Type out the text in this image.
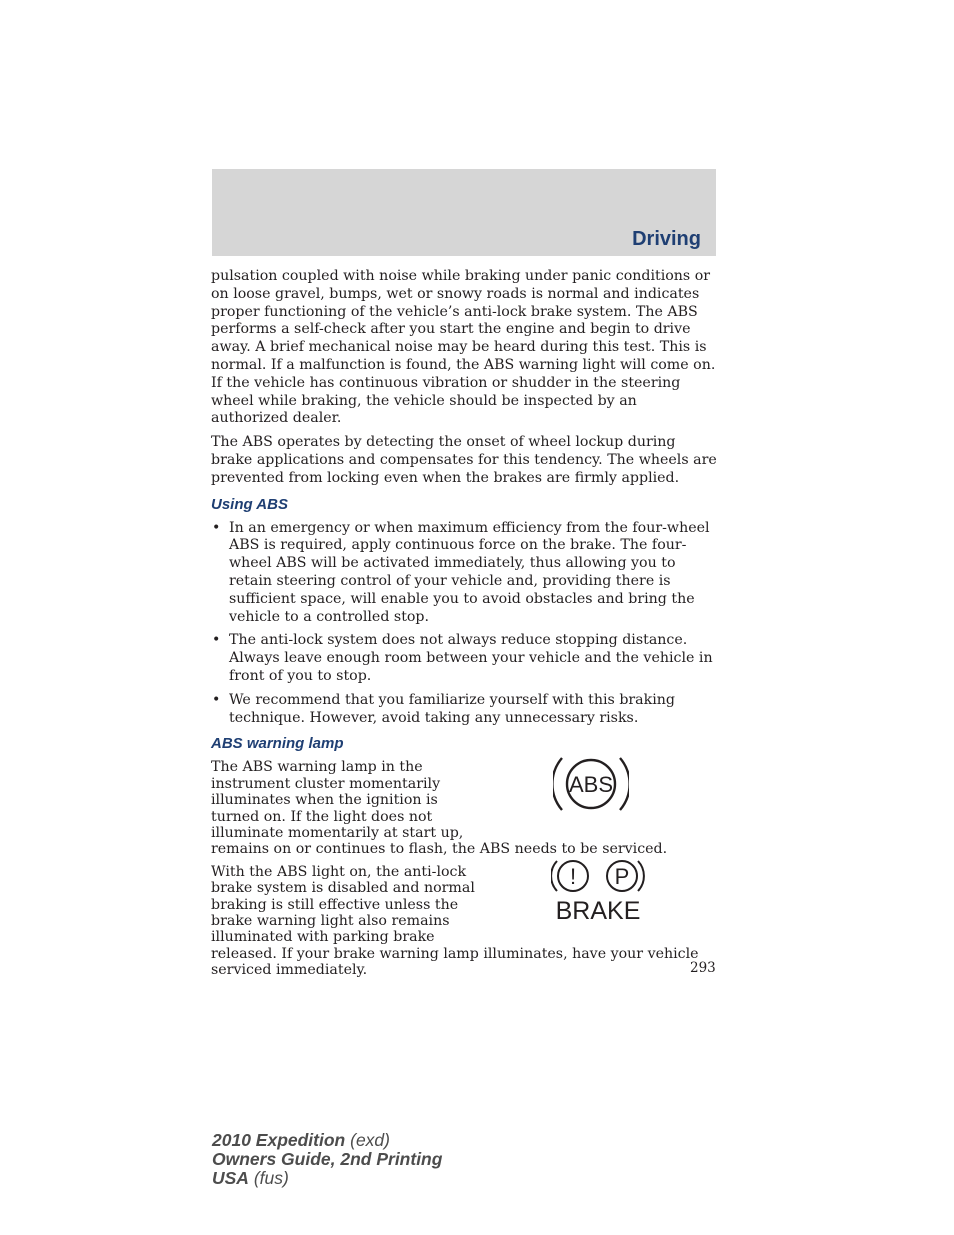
Driving

pulsation coupled with noise while braking under panic conditions or on loose gravel, bumps, wet or snowy roads is normal and indicates proper functioning of the vehicle’s anti-lock brake system. The ABS performs a self-check after you start the engine and begin to drive away. A brief mechanical noise may be heard during this test. This is normal. If a malfunction is found, the ABS warning light will come on. If the vehicle has continuous vibration or shudder in the steering wheel while braking, the vehicle should be inspected by an authorized dealer.

The ABS operates by detecting the onset of wheel lockup during brake applications and compensates for this tendency. The wheels are prevented from locking even when the brakes are firmly applied.

Using ABS
• In an emergency or when maximum efficiency from the four-wheel ABS is required, apply continuous force on the brake. The four-wheel ABS will be activated immediately, thus allowing you to retain steering control of your vehicle and, providing there is sufficient space, will enable you to avoid obstacles and bring the vehicle to a controlled stop.
• The anti-lock system does not always reduce stopping distance. Always leave enough room between your vehicle and the vehicle in front of you to stop.
• We recommend that you familiarize yourself with this braking technique. However, avoid taking any unnecessary risks.
ABS warning lamp
The ABS warning lamp in the
instrument cluster momentarily
illuminates when the ignition is
turned on. If the light does not
illuminate momentarily at start up,
remains on or continues to flash, the ABS needs to be serviced.
ABS
With the ABS light on, the anti-lock
brake system is disabled and normal
braking is still effective unless the
brake warning light also remains
illuminated with parking brake
released. If your brake warning lamp illuminates, have your vehicle
serviced immediately.
! P
BRAKE
293
2010 Expedition (exd)
Owners Guide, 2nd Printing
USA (fus)
